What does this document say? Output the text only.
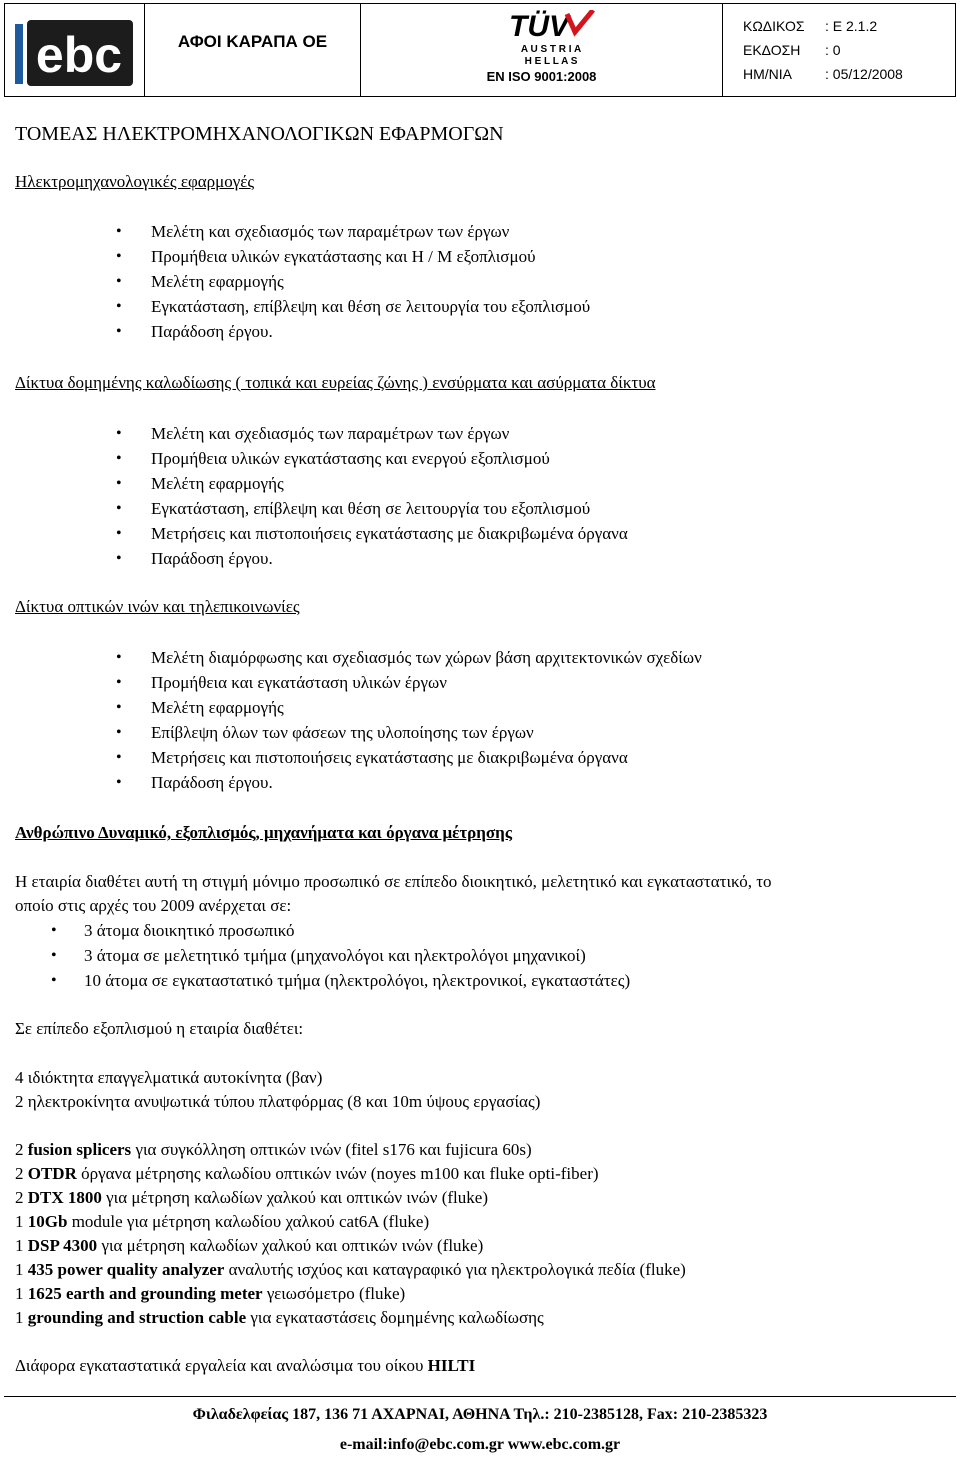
ebc	ΑΦΟΙ ΚΑΡΑΠΑ ΟΕ	TÜV
A U S T R I A
H E L L A S
EN ISO 9001:2008
ΚΩΔΙΚΟΣ : Ε 2.1.2
ΕΚΔΟΣΗ : 0
ΗΜ/ΝΙΑ : 05/12/2008
ΤΟΜΕΑΣ ΗΛΕΚΤΡΟΜΗΧΑΝΟΛΟΓΙΚΩΝ ΕΦΑΡΜΟΓΩΝ
Ηλεκτρομηχανολογικές εφαρμογές
• Μελέτη και σχεδιασμός των παραμέτρων των έργων
• Προμήθεια υλικών εγκατάστασης και Η / Μ εξοπλισμού
• Μελέτη εφαρμογής
• Εγκατάσταση, επίβλεψη και θέση σε λειτουργία του εξοπλισμού
• Παράδοση έργου.
Δίκτυα δομημένης καλωδίωσης ( τοπικά και ευρείας ζώνης ) ενσύρματα και ασύρματα δίκτυα
• Μελέτη και σχεδιασμός των παραμέτρων των έργων
• Προμήθεια υλικών εγκατάστασης και ενεργού εξοπλισμού
• Μελέτη εφαρμογής
• Εγκατάσταση, επίβλεψη και θέση σε λειτουργία του εξοπλισμού
• Μετρήσεις και πιστοποιήσεις εγκατάστασης με διακριβωμένα όργανα
• Παράδοση έργου.
Δίκτυα οπτικών ινών και τηλεπικοινωνίες
• Μελέτη διαμόρφωσης και σχεδιασμός των χώρων βάση αρχιτεκτονικών σχεδίων
• Προμήθεια και εγκατάσταση υλικών έργων
• Μελέτη εφαρμογής
• Επίβλεψη όλων των φάσεων της υλοποίησης των έργων
• Μετρήσεις και πιστοποιήσεις εγκατάστασης με διακριβωμένα όργανα
• Παράδοση έργου.
Ανθρώπινο Δυναμικό, εξοπλισμός, μηχανήματα και όργανα μέτρησης
Η εταιρία διαθέτει αυτή τη στιγμή μόνιμο προσωπικό σε επίπεδο διοικητικό, μελετητικό και εγκαταστατικό, το
οποίο στις αρχές του 2009 ανέρχεται σε:
• 3 άτομα διοικητικό προσωπικό
• 3 άτομα σε μελετητικό τμήμα (μηχανολόγοι και ηλεκτρολόγοι μηχανικοί)
• 10 άτομα σε εγκαταστατικό τμήμα (ηλεκτρολόγοι, ηλεκτρονικοί, εγκαταστάτες)
Σε επίπεδο εξοπλισμού η εταιρία διαθέτει:
4 ιδιόκτητα επαγγελματικά αυτοκίνητα (βαν)
2 ηλεκτροκίνητα ανυψωτικά τύπου πλατφόρμας (8 και 10m ύψους εργασίας)
2 fusion splicers για συγκόλληση οπτικών ινών (fitel s176 και fujicura 60s)
2 OTDR όργανα μέτρησης καλωδίου οπτικών ινών (noyes m100 και fluke opti-fiber)
2 DTX 1800 για μέτρηση καλωδίων χαλκού και οπτικών ινών (fluke)
1 10Gb module για μέτρηση καλωδίου χαλκού cat6A (fluke)
1 DSP 4300 για μέτρηση καλωδίων χαλκού και οπτικών ινών (fluke)
1 435 power quality analyzer αναλυτής ισχύος και καταγραφικό για ηλεκτρολογικά πεδία (fluke)
1 1625 earth and grounding meter γειωσόμετρο (fluke)
1 grounding and struction cable για εγκαταστάσεις δομημένης καλωδίωσης
Διάφορα εγκαταστατικά εργαλεία και αναλώσιμα του οίκου HILTI
Φιλαδελφείας 187, 136 71 ΑΧΑΡΝΑΙ, ΑΘΗΝΑ Τηλ.: 210-2385128, Fax: 210-2385323
e-mail:info@ebc.com.gr www.ebc.com.gr
